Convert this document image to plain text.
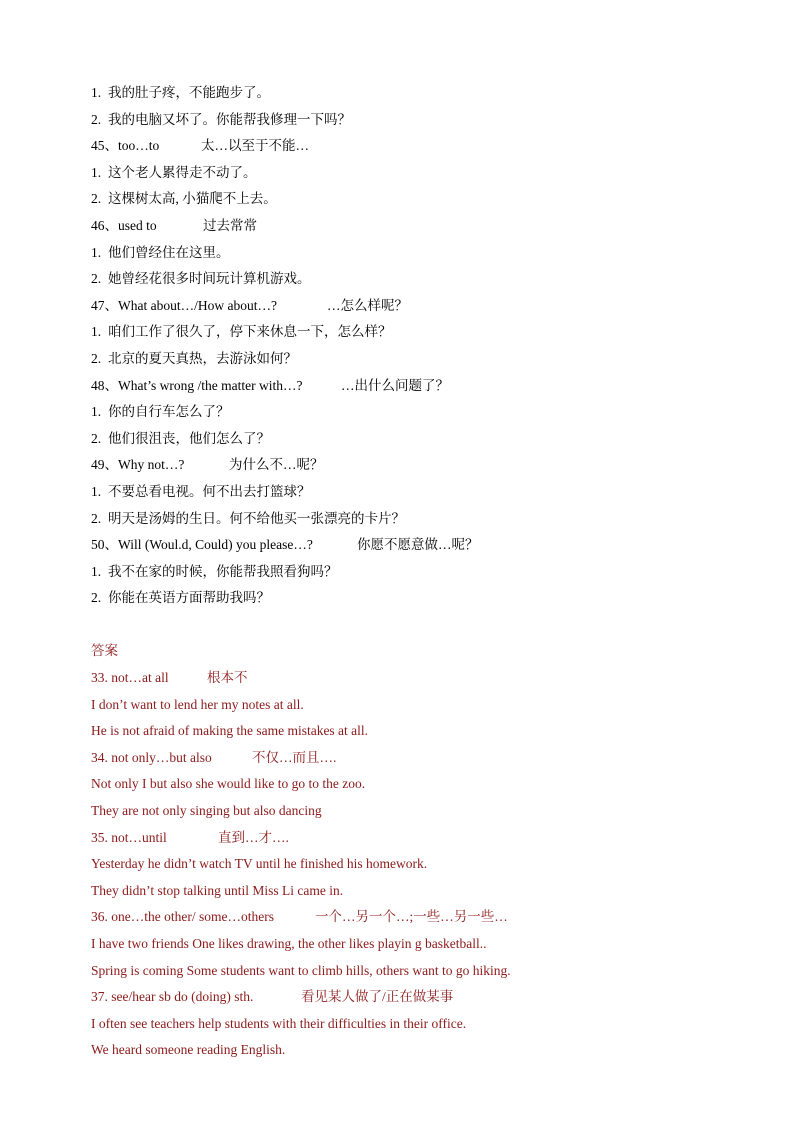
1. 我的肚子疼，不能跑步了。
2. 我的电脑又坏了。你能帮我修理一下吗？
45、too…to	太…以至于不能…
1. 这个老人累得走不动了。
2. 这棵树太高, 小猫爬不上去。
46、used to	过去常常
1. 他们曾经住在这里。
2. 她曾经花很多时间玩计算机游戏。
47、What about…/How about…?	…怎么样呢？
1. 咱们工作了很久了，停下来休息一下，怎么样？
2. 北京的夏天真热，去游泳如何？
48、What’s wrong /the matter with…?	…出什么问题了？
1. 你的自行车怎么了？
2. 他们很沮丧，他们怎么了？
49、Why not…?	为什么不…呢？
1. 不要总看电视。何不出去打篮球？
2. 明天是汤姆的生日。何不给他买一张漂亮的卡片？
50、Will (Woul.d, Could) you please…?	你愿不愿意做…呢？
1. 我不在家的时候，你能帮我照看狗吗？
2. 你能在英语方面帮助我吗？
答案
33. not…at all	根本不
I don’t want to lend her my notes at all.
He is not afraid of making the same mistakes at all.
34. not only…but also	不仅…而且….
Not only I but also she would like to go to the zoo.
They are not only singing but also dancing
35. not…until	直到…才….
Yesterday he didn’t watch TV until he finished his homework.
They didn’t stop talking until Miss Li came in.
36. one…the other/ some…others	一个…另一个…;一些…另一些…
I have two friends One likes drawing, the other likes playin g basketball..
Spring is coming Some students want to climb hills, others want to go hiking.
37. see/hear sb do (doing) sth.	看见某人做了/正在做某事
I often see teachers help students with their difficulties in their office.
We heard someone reading English.
